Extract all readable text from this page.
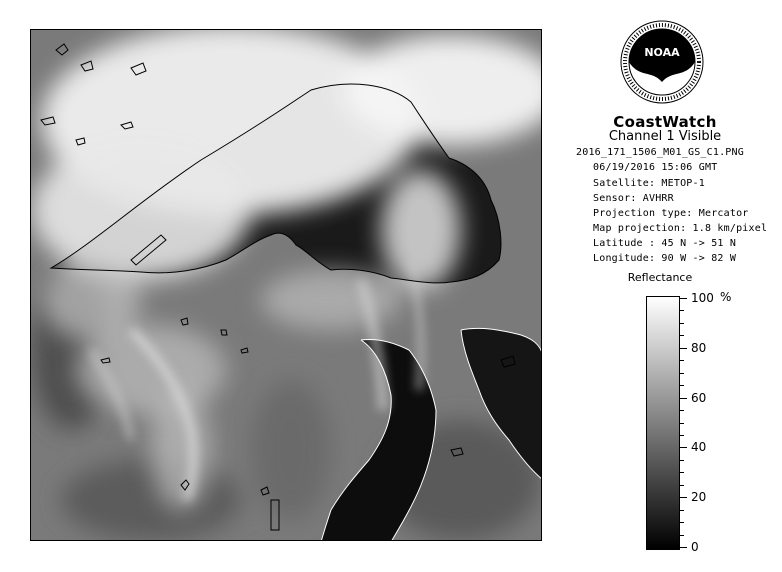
NOAA
CoastWatch
Channel 1 Visible
2016_171_1506_M01_GS_C1.PNG
06/19/2016 15:06 GMT
Satellite: METOP-1
Sensor: AVHRR
Projection type: Mercator
Map projection: 1.8 km/pixel
Latitude : 45 N -> 51 N
Longitude: 90 W -> 82 W
Reflectance
100
80
60
40
20
0
%
